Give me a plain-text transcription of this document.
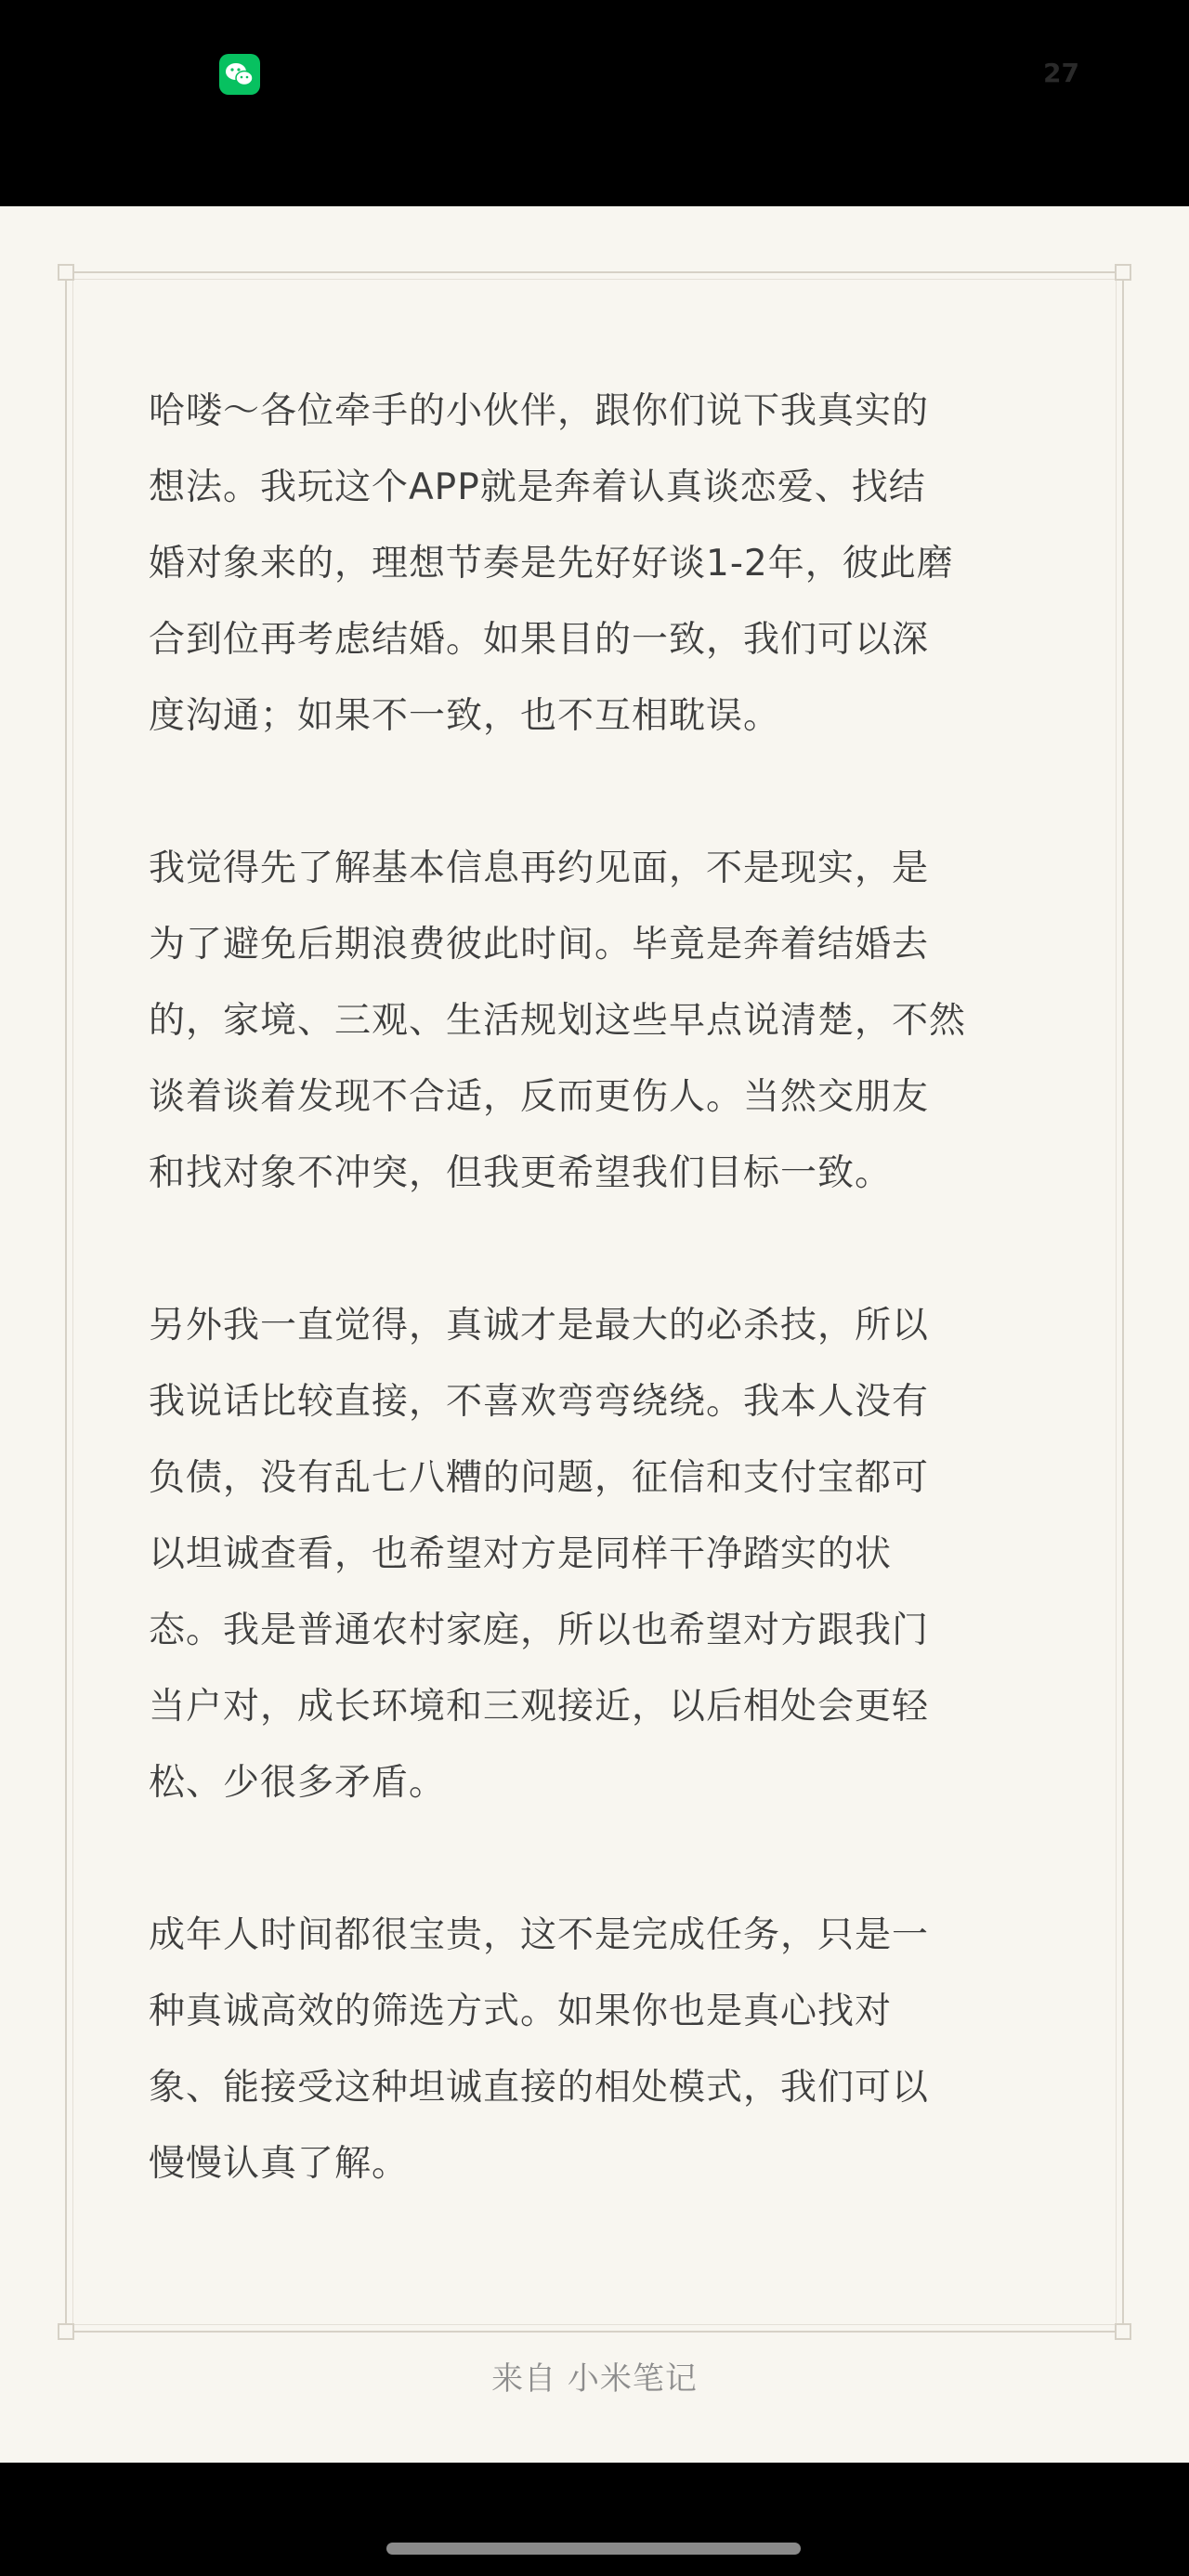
27

哈喽～各位牵手的小伙伴，跟你们说下我真实的
想法。我玩这个APP就是奔着认真谈恋爱、找结
婚对象来的，理想节奏是先好好谈1-2年，彼此磨
合到位再考虑结婚。如果目的一致，我们可以深
度沟通；如果不一致，也不互相耽误。

我觉得先了解基本信息再约见面，不是现实，是
为了避免后期浪费彼此时间。毕竟是奔着结婚去
的，家境、三观、生活规划这些早点说清楚，不然
谈着谈着发现不合适，反而更伤人。当然交朋友
和找对象不冲突，但我更希望我们目标一致。

另外我一直觉得，真诚才是最大的必杀技，所以
我说话比较直接，不喜欢弯弯绕绕。我本人没有
负债，没有乱七八糟的问题，征信和支付宝都可
以坦诚查看，也希望对方是同样干净踏实的状
态。我是普通农村家庭，所以也希望对方跟我门
当户对，成长环境和三观接近，以后相处会更轻
松、少很多矛盾。

成年人时间都很宝贵，这不是完成任务，只是一
种真诚高效的筛选方式。如果你也是真心找对
象、能接受这种坦诚直接的相处模式，我们可以
慢慢认真了解。

来自 小米笔记
